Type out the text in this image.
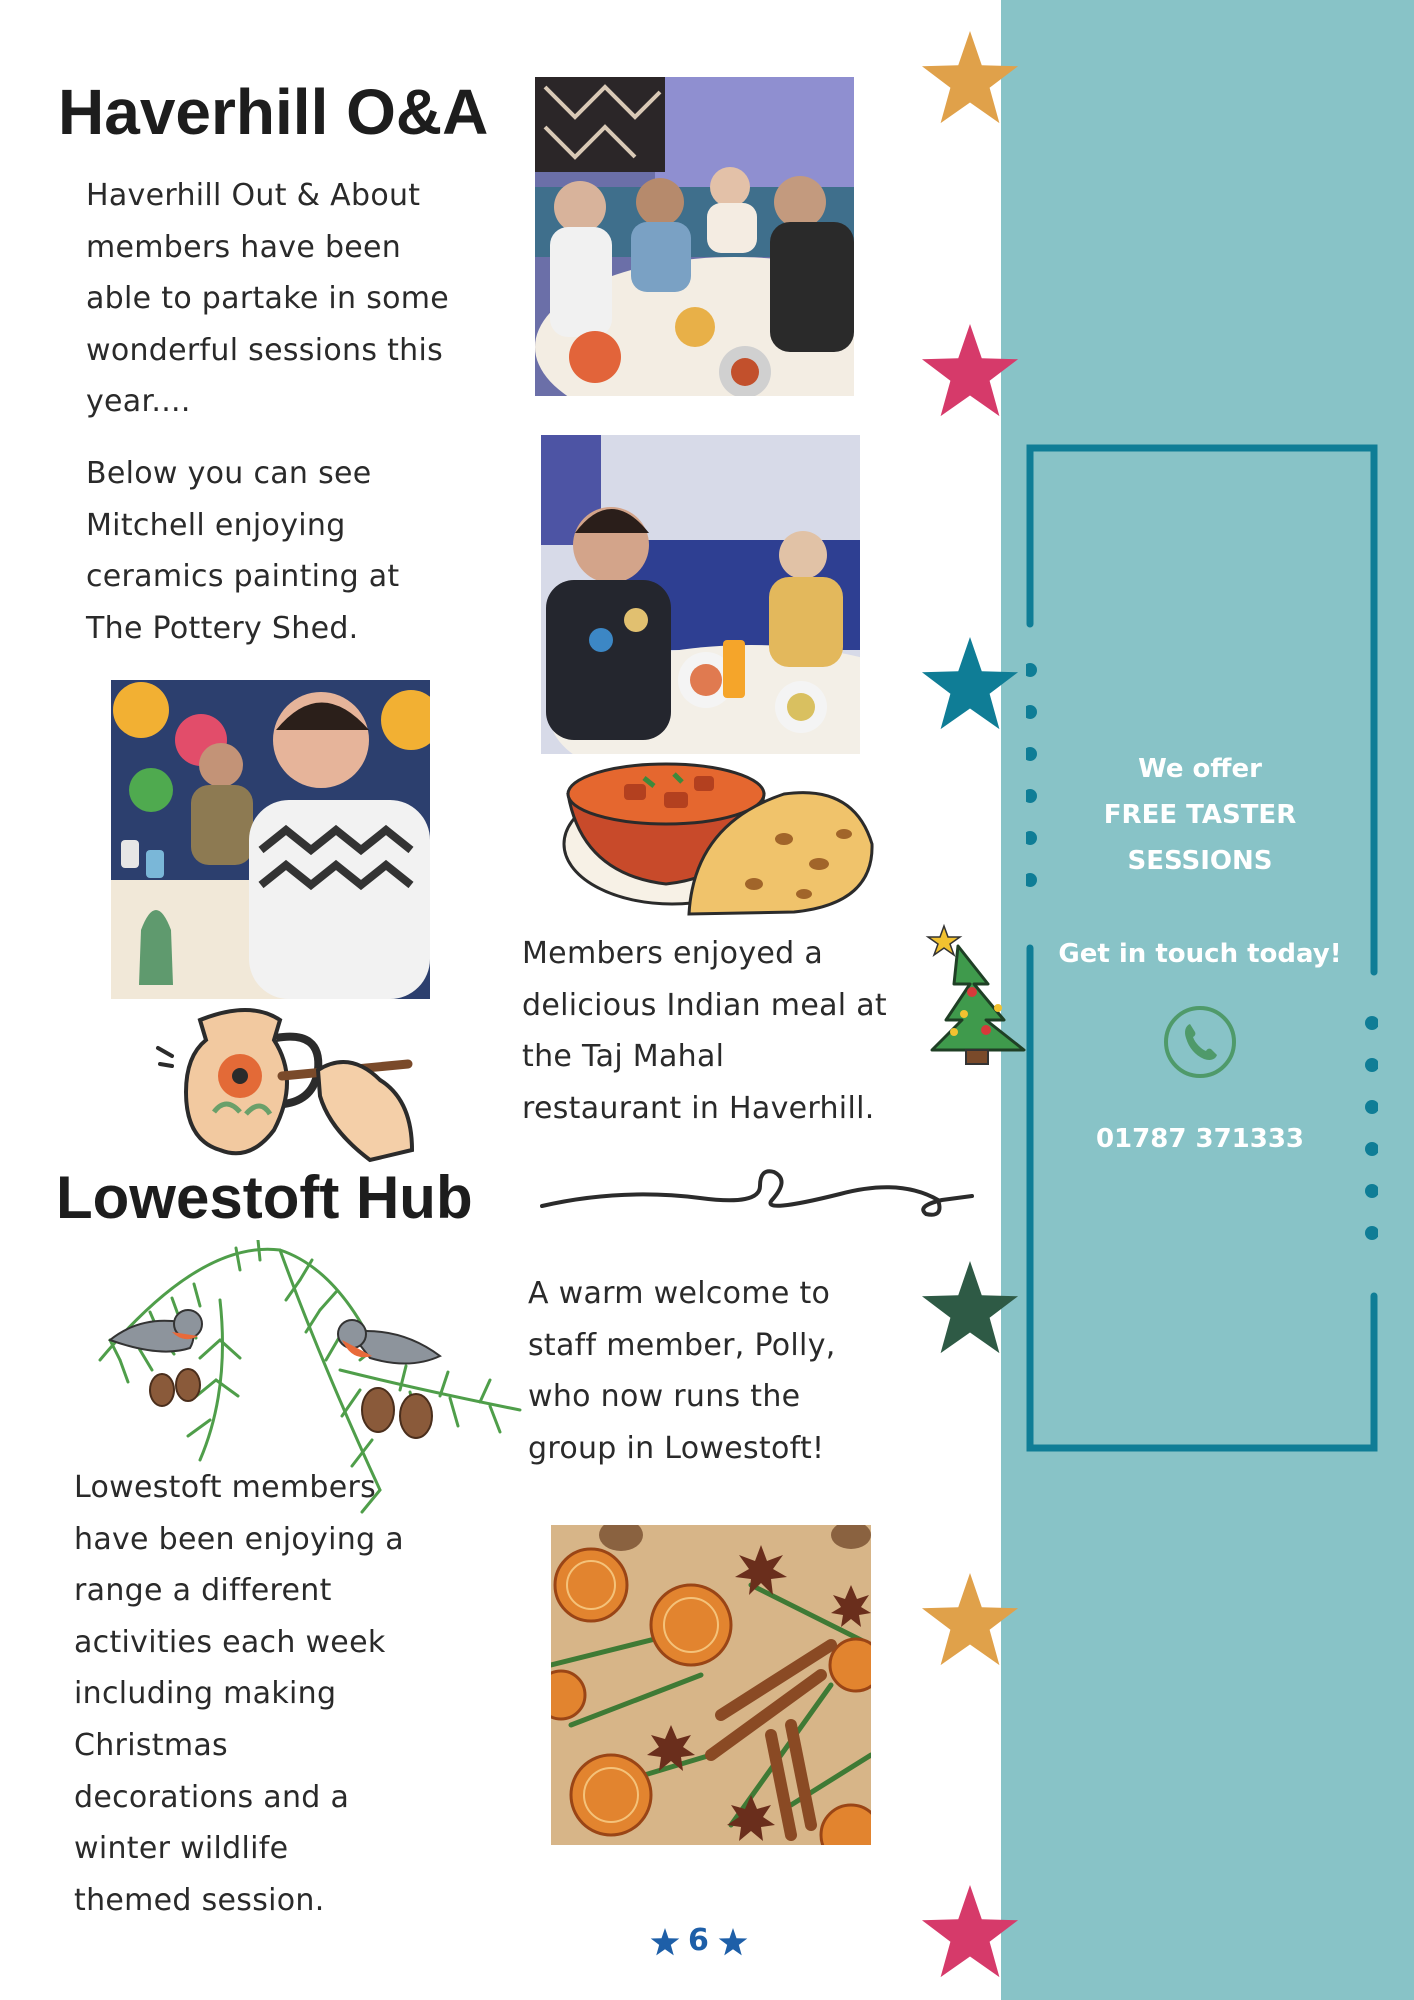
We offer
FREE TASTER
SESSIONS
Get in touch today!
01787 371333
Haverhill O&A

Haverhill Out & About

members have been

able to partake in some

wonderful sessions this

year....

Below you can see

Mitchell enjoying

ceramics painting at

The Pottery Shed.

Members enjoyed a

delicious Indian meal at

the Taj Mahal

restaurant in Haverhill.

Lowestoft Hub

A warm welcome to

staff member, Polly,

who now runs the

group in Lowestoft!

Lowestoft members

have been enjoying a

range a different

activities each week

including making

Christmas

decorations and a

winter wildlife

themed session.

6
